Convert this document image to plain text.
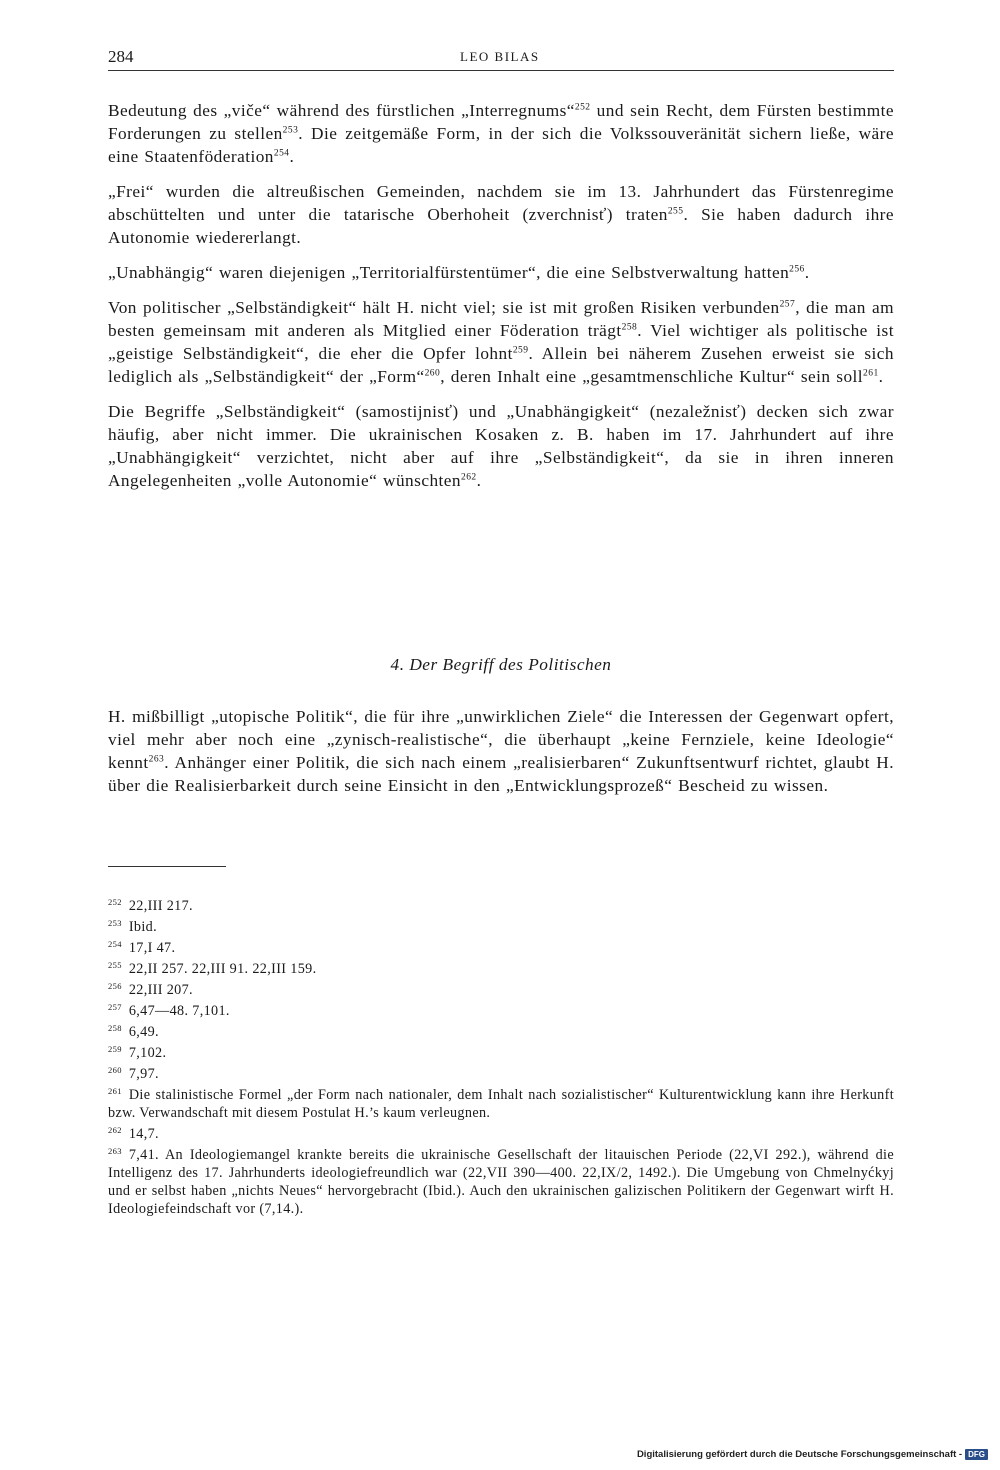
284	LEO BILAS

Bedeutung des „viče“ während des fürstlichen „Interregnums“$^{252}$ und sein Recht, dem Fürsten bestimmte Forderungen zu stellen$^{253}$. Die zeitgemäße Form, in der sich die Volkssouveränität sichern ließe, wäre eine Staatenföderation$^{254}$.

„Frei“ wurden die altreußischen Gemeinden, nachdem sie im 13. Jahrhundert das Fürstenregime abschüttelten und unter die tatarische Oberhoheit (zverchnisť) traten$^{255}$. Sie haben dadurch ihre Autonomie wiedererlangt.

„Unabhängig“ waren diejenigen „Territorialfürstentümer“, die eine Selbstverwaltung hatten$^{256}$.

Von politischer „Selbständigkeit“ hält H. nicht viel; sie ist mit großen Risiken verbunden$^{257}$, die man am besten gemeinsam mit anderen als Mitglied einer Föderation trägt$^{258}$. Viel wichtiger als politische ist „geistige Selbständigkeit“, die eher die Opfer lohnt$^{259}$. Allein bei näherem Zusehen erweist sie sich lediglich als „Selbständigkeit“ der „Form“$^{260}$, deren Inhalt eine „gesamtmenschliche Kultur“ sein soll$^{261}$.

Die Begriffe „Selbständigkeit“ (samostijnisť) und „Unabhängigkeit“ (nezaležnisť) decken sich zwar häufig, aber nicht immer. Die ukrainischen Kosaken z. B. haben im 17. Jahrhundert auf ihre „Unabhängigkeit“ verzichtet, nicht aber auf ihre „Selbständigkeit“, da sie in ihren inneren Angelegenheiten „volle Autonomie“ wünschten$^{262}$.

4. Der Begriff des Politischen

H. mißbilligt „utopische Politik“, die für ihre „unwirklichen Ziele“ die Interessen der Gegenwart opfert, viel mehr aber noch eine „zynisch-realistische“, die überhaupt „keine Fernziele, keine Ideologie“ kennt$^{263}$. Anhänger einer Politik, die sich nach einem „realisierbaren“ Zukunftsentwurf richtet, glaubt H. über die Realisierbarkeit durch seine Einsicht in den „Entwicklungsprozeß“ Bescheid zu wissen.

$^{252}$ 22,III 217.
$^{253}$ Ibid.
$^{254}$ 17,I 47.
$^{255}$ 22,II 257. 22,III 91. 22,III 159.
$^{256}$ 22,III 207.
$^{257}$ 6,47—48. 7,101.
$^{258}$ 6,49.
$^{259}$ 7,102.
$^{260}$ 7,97.
$^{261}$ Die stalinistische Formel „der Form nach nationaler, dem Inhalt nach sozialistischer“ Kulturentwicklung kann ihre Herkunft bzw. Verwandschaft mit diesem Postulat H.’s kaum verleugnen.
$^{262}$ 14,7.
$^{263}$ 7,41. An Ideologiemangel krankte bereits die ukrainische Gesellschaft der litauischen Periode (22,VI 292.), während die Intelligenz des 17. Jahrhunderts ideologiefreundlich war (22,VII 390—400. 22,IX/2, 1492.). Die Umgebung von Chmelnyćkyj und er selbst haben „nichts Neues“ hervorgebracht (Ibid.). Auch den ukrainischen galizischen Politikern der Gegenwart wirft H. Ideologiefeindschaft vor (7,14.).
Digitalisierung gefördert durch die Deutsche Forschungsgemeinschaft - DFG
